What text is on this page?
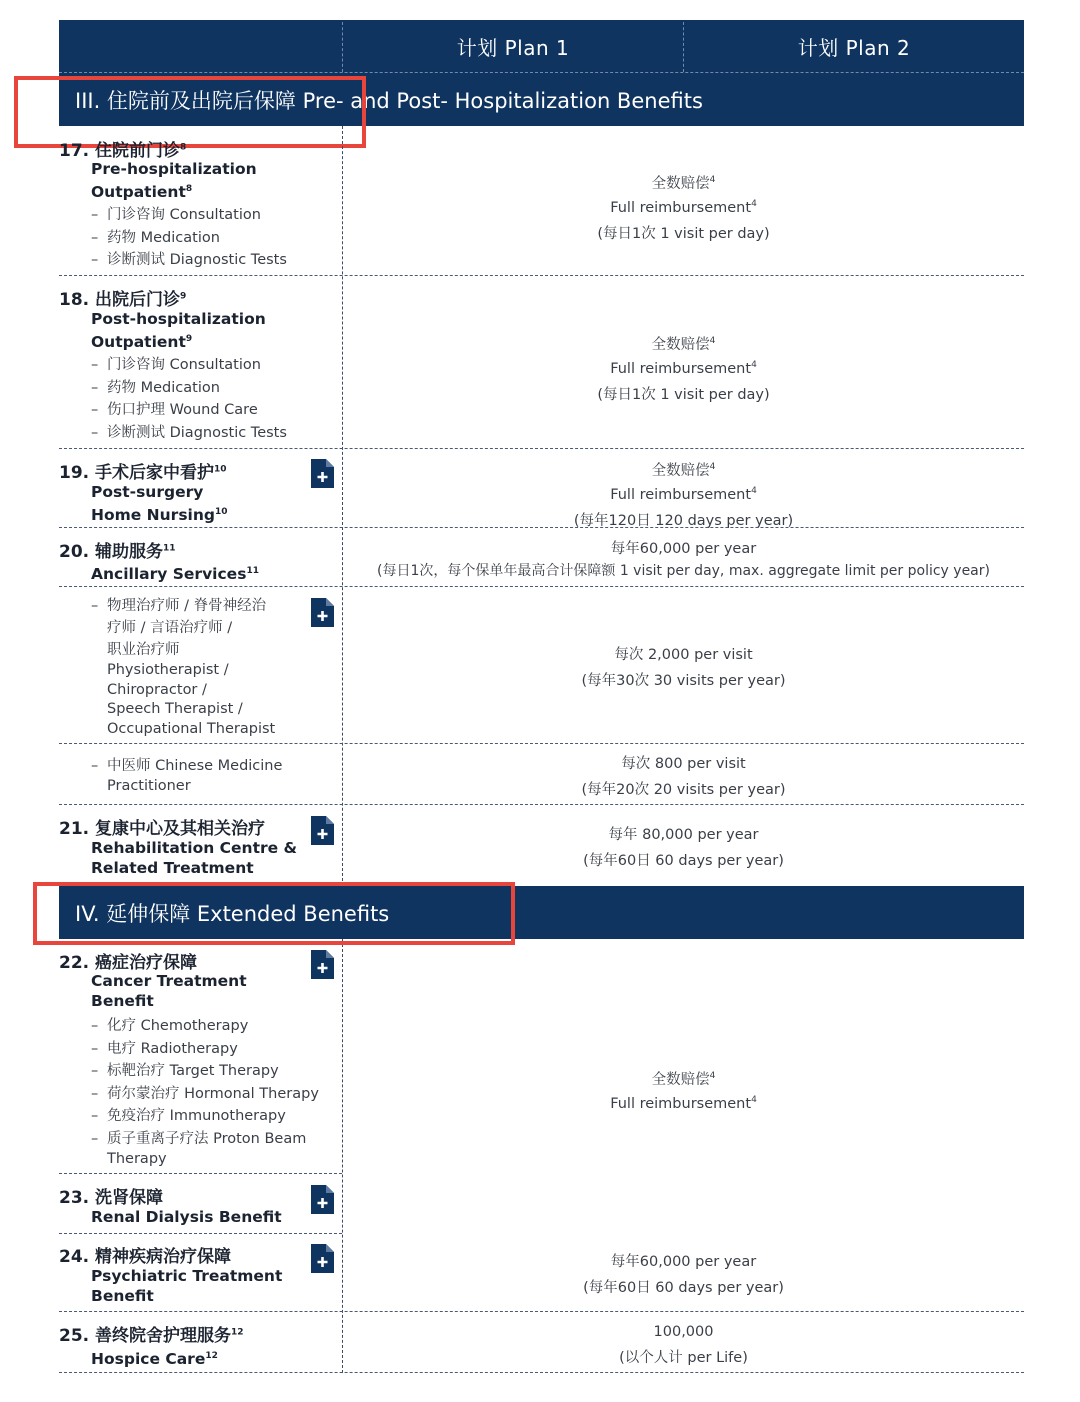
计划 Plan 1	计划 Plan 2
III. 住院前及出院后保障 Pre- and Post- Hospitalization Benefits
17. 住院前门诊$^8$
Pre-hospitalization
Outpatient$^8$
– 门诊咨询 Consultation
– 药物 Medication
– 诊断测试 Diagnostic Tests
全数赔偿$^4$
Full reimbursement$^4$
(每日1次 1 visit per day)
18. 出院后门诊$^9$
Post-hospitalization
Outpatient$^9$
– 门诊咨询 Consultation
– 药物 Medication
– 伤口护理 Wound Care
– 诊断测试 Diagnostic Tests
全数赔偿$^4$
Full reimbursement$^4$
(每日1次 1 visit per day)
19. 手术后家中看护$^{10}$
Post-surgery
Home Nursing$^{10}$
全数赔偿$^4$
Full reimbursement$^4$
(每年120日 120 days per year)
20. 辅助服务$^{11}$
Ancillary Services$^{11}$
每年60,000 per year
(每日1次，每个保单年最高合计保障额 1 visit per day, max. aggregate limit per policy year)
– 物理治疗师 / 脊骨神经治
疗师 / 言语治疗师 /
职业治疗师
Physiotherapist /
Chiropractor /
Speech Therapist /
Occupational Therapist
每次 2,000 per visit
(每年30次 30 visits per year)
– 中医师 Chinese Medicine
Practitioner
每次 800 per visit
(每年20次 20 visits per year)
21. 复康中心及其相关治疗
Rehabilitation Centre &
Related Treatment
每年 80,000 per year
(每年60日 60 days per year)
IV. 延伸保障 Extended Benefits
22. 癌症治疗保障
Cancer Treatment
Benefit
– 化疗 Chemotherapy
– 电疗 Radiotherapy
– 标靶治疗 Target Therapy
– 荷尔蒙治疗 Hormonal Therapy
– 免疫治疗 Immunotherapy
– 质子重离子疗法 Proton Beam
Therapy
全数赔偿$^4$
Full reimbursement$^4$
23. 洗肾保障
Renal Dialysis Benefit
24. 精神疾病治疗保障
Psychiatric Treatment
Benefit
每年60,000 per year
(每年60日 60 days per year)
25. 善终院舍护理服务$^{12}$
Hospice Care$^{12}$
100,000
(以个人计 per Life)
